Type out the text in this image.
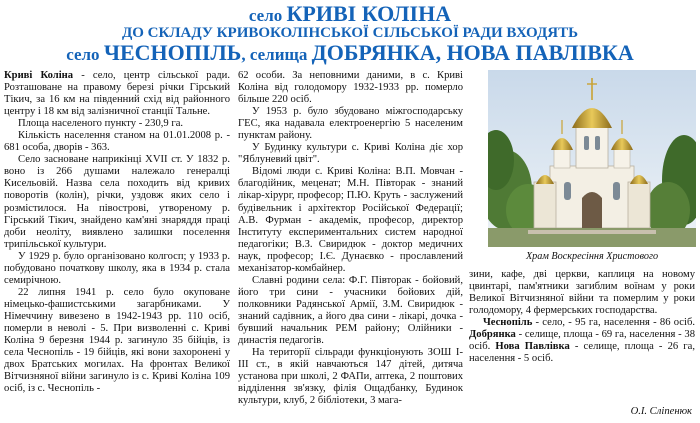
село КРИВІ КОЛІНА
ДО СКЛАДУ КРИВОКОЛІНСЬКОЇ СІЛЬСЬКОЇ РАДИ ВХОДЯТЬ
село ЧЕСНОПІЛЬ, селища ДОБРЯНКА, НОВА ПАВЛІВКА

Криві Коліна - село, центр сільської ради. Розташоване на правому березі річки Гірський Тікич, за 16 км на південний схід від районного центру і 18 км від залізничної станції Тальне.

Площа населеного пункту - 230,9 га.

Кількість населення станом на 01.01.2008 р. - 681 особа, дворів - 363.

Село засноване наприкінці XVII ст. У 1832 р. воно із 266 душами належало генералці Кисельовій. Назва села походить від кривих поворотів (колін), річки, уздовж яких село і розмістилося. На півострові, утвореному р. Гірський Тікич, знайдено кам'яні знаряддя праці доби неоліту, виявлено залишки поселення трипільської культури.

У 1929 р. було організовано колгосп; у 1933 р. побудовано початкову школу, яка в 1934 р. стала семирічною.

22 липня 1941 р. село було окуповане німецько-фашистськими загарбниками. У Німеччину вивезено в 1942-1943 рр. 110 осіб, померли в неволі - 5. При визволенні с. Криві Коліна 9 березня 1944 р. загинуло 35 бійців, із села Чеснопіль - 19 бійців, які вони захоронені у двох Братських могилах. На фронтах Великої Вітчизняної війни загинуло із с. Криві Коліна 109 осіб, із с. Чеснопіль -

62 особи. За неповними даними, в с. Криві Коліна від голодомору 1932-1933 рр. померло більше 220 осіб.

У 1953 р. було збудовано міжгосподарську ГЕС, яка надавала електроенергію 5 населеним пунктам району.

У Будинку культури с. Криві Коліна діє хор "Яблуневий цвіт".

Відомі люди с. Криві Коліна: В.П. Мовчан - благодійник, меценат; М.Н. Півторак - знаний лікар-хірург, професор; П.Ю. Круть - заслужений будівельник і архітектор Російської Федерації; А.В. Фурман - академік, професор, директор Інституту експериментальних систем народної педагогіки; В.З. Свиридюк - доктор медичних наук, професор; І.Є. Дунаєвко - прославлений механізатор-комбайнер.

Славні родини села: Ф.Г. Півторак - бойовий, його три сини - учасники бойових дій, полковники Радянської Армії, З.М. Свиридюк - знаний садівник, а його два сини - лікарі, дочка - бувший начальник РЕМ району; Олійники - династія педагогів.

На території сільради функціонують ЗОШ І-ІІІ ст., в якій навчаються 147 дітей, дитяча установа при школі, 2 ФАПи, аптека, 2 поштових відділення зв'язку, філія Ощадбанку, Будинок культури, клуб, 2 бібліотеки, 3 мага-

Храм Воскресіння Христового

зини, кафе, дві церкви, каплиця на новому цвинтарі, пам'ятники загиблим воїнам у роки Великої Вітчизняної війни та померлим у роки голодомору, 4 фермерських господарства.

Чеснопіль - село, - 95 га, населення - 86 осіб. Добрянка - селище, площа - 69 га, населення - 38 осіб. Нова Павлівка - селище, площа - 26 га, населення - 5 осіб.

О.І. Сліпенюк
